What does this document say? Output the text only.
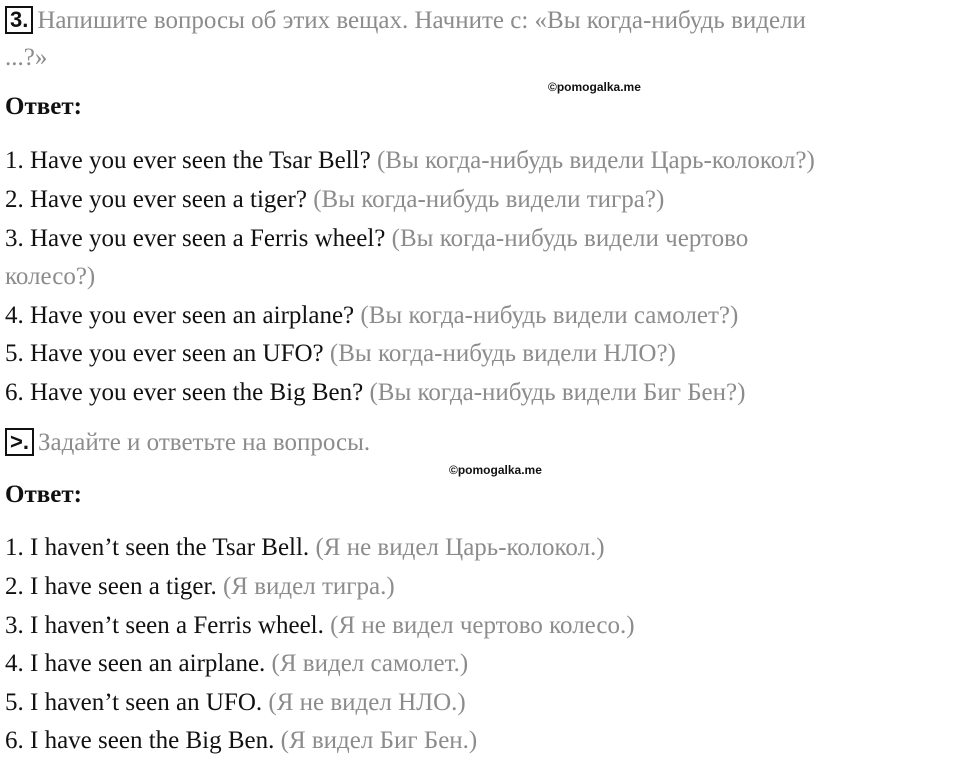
3. Напишите вопросы об этих вещах. Начните с: «Вы когда-нибудь видели
...?»
©pomogalka.me
Ответ:
1. Have you ever seen the Tsar Bell? (Вы когда-нибудь видели Царь-колокол?)
2. Have you ever seen a tiger? (Вы когда-нибудь видели тигра?)
3. Have you ever seen a Ferris wheel? (Вы когда-нибудь видели чертово
колесо?)
4. Have you ever seen an airplane? (Вы когда-нибудь видели самолет?)
5. Have you ever seen an UFO? (Вы когда-нибудь видели НЛО?)
6. Have you ever seen the Big Ben? (Вы когда-нибудь видели Биг Бен?)
>. Задайте и ответьте на вопросы.
©pomogalka.me
Ответ:
1. I haven’t seen the Tsar Bell. (Я не видел Царь-колокол.)
2. I have seen a tiger. (Я видел тигра.)
3. I haven’t seen a Ferris wheel. (Я не видел чертово колесо.)
4. I have seen an airplane. (Я видел самолет.)
5. I haven’t seen an UFO. (Я не видел НЛО.)
6. I have seen the Big Ben. (Я видел Биг Бен.)
